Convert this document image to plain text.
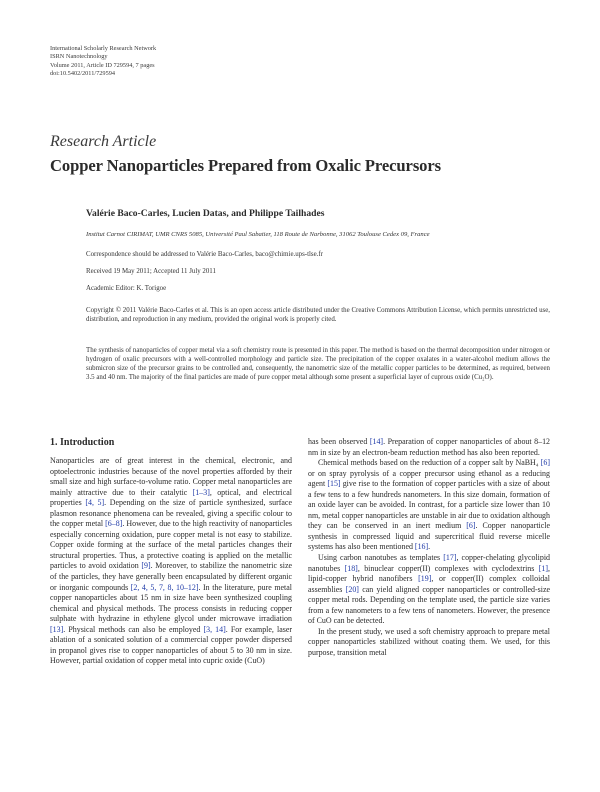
International Scholarly Research Network
ISRN Nanotechnology
Volume 2011, Article ID 729594, 7 pages
doi:10.5402/2011/729594
Research Article
Copper Nanoparticles Prepared from Oxalic Precursors
Valérie Baco-Carles, Lucien Datas, and Philippe Tailhades
Institut Carnot CIRIMAT, UMR CNRS 5085, Université Paul Sabatier, 118 Route de Narbonne, 31062 Toulouse Cedex 09, France
Correspondence should be addressed to Valérie Baco-Carles, baco@chimie.ups-tlse.fr
Received 19 May 2011; Accepted 11 July 2011
Academic Editor: K. Torigoe
Copyright © 2011 Valérie Baco-Carles et al. This is an open access article distributed under the Creative Commons Attribution License, which permits unrestricted use, distribution, and reproduction in any medium, provided the original work is properly cited.
The synthesis of nanoparticles of copper metal via a soft chemistry route is presented in this paper. The method is based on the thermal decomposition under nitrogen or hydrogen of oxalic precursors with a well-controlled morphology and particle size. The precipitation of the copper oxalates in a water-alcohol medium allows the submicron size of the precursor grains to be controlled and, consequently, the nanometric size of the metallic copper particles to be determined, as required, between 3.5 and 40 nm. The majority of the final particles are made of pure copper metal although some present a superficial layer of cuprous oxide (Cu₂O).
1. Introduction

Nanoparticles are of great interest in the chemical, electronic, and optoelectronic industries because of the novel properties afforded by their small size and high surface-to-volume ratio. Copper metal nanoparticles are mainly attractive due to their catalytic [1–3], optical, and electrical properties [4, 5]. Depending on the size of particle synthesized, surface plasmon resonance phenomena can be revealed, giving a specific colour to the copper metal [6–8]. However, due to the high reactivity of nanoparticles especially concerning oxidation, pure copper metal is not easy to stabilize. Copper oxide forming at the surface of the metal particles changes their structural properties. Thus, a protective coating is applied on the metallic particles to avoid oxidation [9]. Moreover, to stabilize the nanometric size of the particles, they have generally been encapsulated by different organic or inorganic compounds [2, 4, 5, 7, 8, 10–12]. In the literature, pure metal copper nanoparticles about 15 nm in size have been synthesized coupling chemical and physical methods. The process consists in reducing copper sulphate with hydrazine in ethylene glycol under microwave irradiation [13]. Physical methods can also be employed [3, 14]. For example, laser ablation of a sonicated solution of a commercial copper powder dispersed in propanol gives rise to copper nanoparticles of about 5 to 30 nm in size. However, partial oxidation of copper metal into cupric oxide (CuO)

has been observed [14]. Preparation of copper nanoparticles of about 8–12 nm in size by an electron-beam reduction method has also been reported.

Chemical methods based on the reduction of a copper salt by NaBH₄ [6] or on spray pyrolysis of a copper precursor using ethanol as a reducing agent [15] give rise to the formation of copper particles with a size of about a few tens to a few hundreds nanometers. In this size domain, formation of an oxide layer can be avoided. In contrast, for a particle size lower than 10 nm, metal copper nanoparticles are unstable in air due to oxidation although they can be conserved in an inert medium [6]. Copper nanoparticle synthesis in compressed liquid and supercritical fluid reverse micelle systems has also been mentioned [16].

Using carbon nanotubes as templates [17], copper-chelating glycolipid nanotubes [18], binuclear copper(II) complexes with cyclodextrins [1], lipid-copper hybrid nanofibers [19], or copper(II) complex colloidal assemblies [20] can yield aligned copper nanoparticles or controlled-size copper metal rods. Depending on the template used, the particle size varies from a few nanometers to a few tens of nanometers. However, the presence of CuO can be detected.

In the present study, we used a soft chemistry approach to prepare metal copper nanoparticles stabilized without coating them. We used, for this purpose, transition metal
